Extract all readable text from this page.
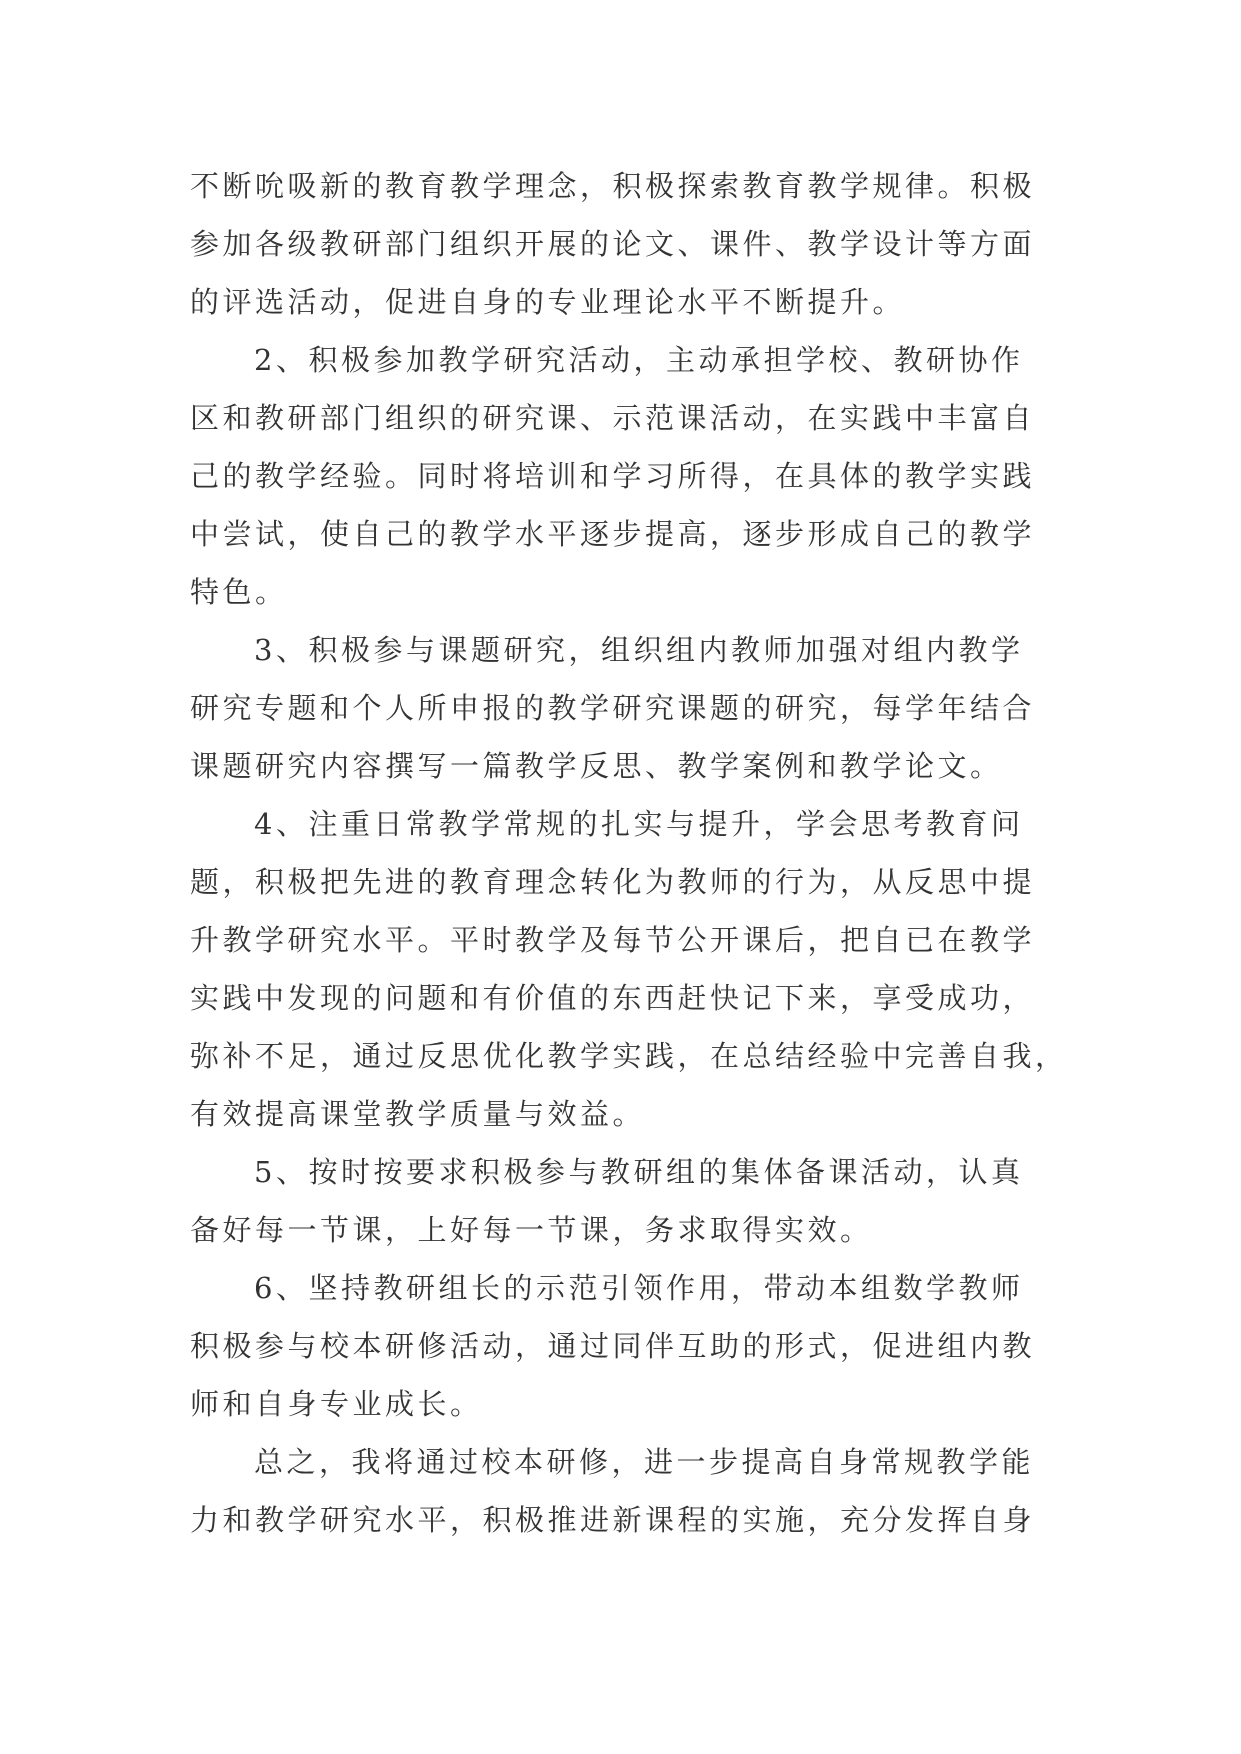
不断吮吸新的教育教学理念，积极探索教育教学规律。积极
参加各级教研部门组织开展的论文、课件、教学设计等方面
的评选活动，促进自身的专业理论水平不断提升。
2、积极参加教学研究活动，主动承担学校、教研协作
区和教研部门组织的研究课、示范课活动，在实践中丰富自
己的教学经验。同时将培训和学习所得，在具体的教学实践
中尝试，使自己的教学水平逐步提高，逐步形成自己的教学
特色。
3、积极参与课题研究，组织组内教师加强对组内教学
研究专题和个人所申报的教学研究课题的研究，每学年结合
课题研究内容撰写一篇教学反思、教学案例和教学论文。
4、注重日常教学常规的扎实与提升，学会思考教育问
题，积极把先进的教育理念转化为教师的行为，从反思中提
升教学研究水平。平时教学及每节公开课后，把自已在教学
实践中发现的问题和有价值的东西赶快记下来，享受成功，
弥补不足，通过反思优化教学实践，在总结经验中完善自我，
有效提高课堂教学质量与效益。
5、按时按要求积极参与教研组的集体备课活动，认真
备好每一节课，上好每一节课，务求取得实效。
6、坚持教研组长的示范引领作用，带动本组数学教师
积极参与校本研修活动，通过同伴互助的形式，促进组内教
师和自身专业成长。
总之，我将通过校本研修，进一步提高自身常规教学能
力和教学研究水平，积极推进新课程的实施，充分发挥自身
